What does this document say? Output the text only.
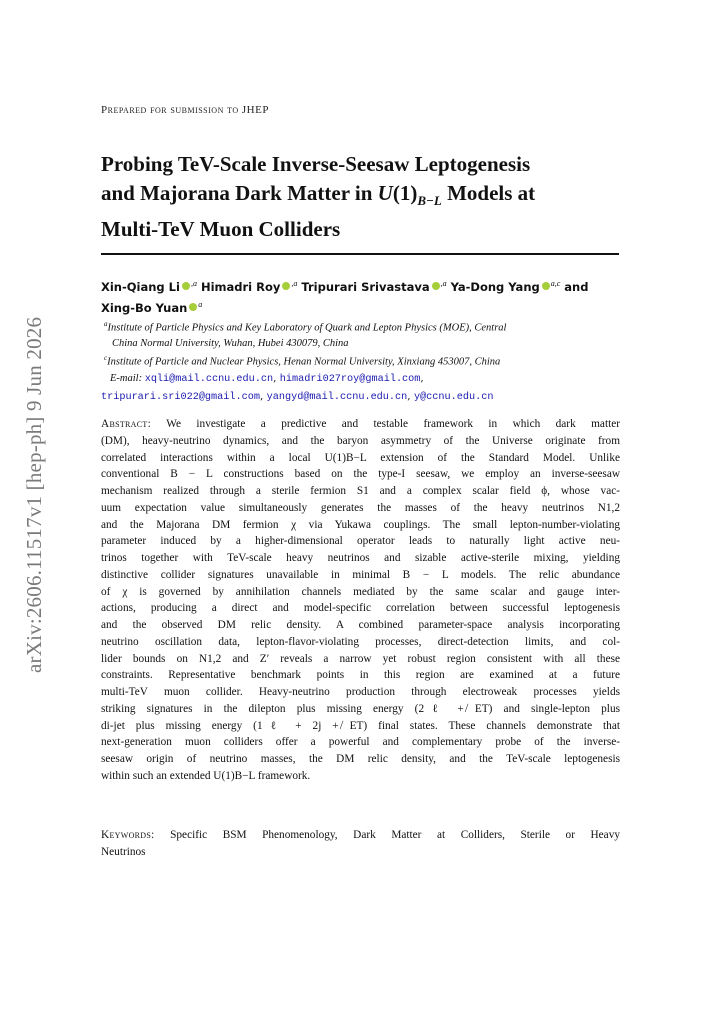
arXiv:2606.11517v1 [hep-ph] 9 Jun 2026
Prepared for submission to JHEP
Probing TeV-Scale Inverse-Seesaw Leptogenesis
and Majorana Dark Matter in $U(1)_{B-L}$ Models at
Multi-TeV Muon Colliders
Xin-Qiang Li $^{,a}$ Himadri Roy $^{,a}$ Tripurari Srivastava $^{,a}$ Ya-Dong Yang $^{a,c}$ and
Xing-Bo Yuan $^a$
$^a$Institute of Particle Physics and Key Laboratory of Quark and Lepton Physics (MOE), Central
China Normal University, Wuhan, Hubei 430079, China
$^c$Institute of Particle and Nuclear Physics, Henan Normal University, Xinxiang 453007, China
E-mail: xqli@mail.ccnu.edu.cn, himadri027roy@gmail.com,
tripurari.sri022@gmail.com, yangyd@mail.ccnu.edu.cn, y@ccnu.edu.cn
Abstract: We investigate a predictive and testable framework in which dark matter
(DM), heavy-neutrino dynamics, and the baryon asymmetry of the Universe originate from
correlated interactions within a local U(1)B−L extension of the Standard Model. Unlike
conventional B − L constructions based on the type-I seesaw, we employ an inverse-seesaw
mechanism realized through a sterile fermion S1 and a complex scalar field ϕ, whose vac-
uum expectation value simultaneously generates the masses of the heavy neutrinos N1,2
and the Majorana DM fermion χ via Yukawa couplings. The small lepton-number-violating
parameter induced by a higher-dimensional operator leads to naturally light active neu-
trinos together with TeV-scale heavy neutrinos and sizable active-sterile mixing, yielding
distinctive collider signatures unavailable in minimal B − L models. The relic abundance
of χ is governed by annihilation channels mediated by the same scalar and gauge inter-
actions, producing a direct and model-specific correlation between successful leptogenesis
and the observed DM relic density. A combined parameter-space analysis incorporating
neutrino oscillation data, lepton-flavor-violating processes, direct-detection limits, and col-
lider bounds on N1,2 and Z′ reveals a narrow yet robust region consistent with all these
constraints. Representative benchmark points in this region are examined at a future
multi-TeV muon collider. Heavy-neutrino production through electroweak processes yields
striking signatures in the dilepton plus missing energy (2ℓ + ̸ET) and single-lepton plus
di-jet plus missing energy (1ℓ + 2j + ̸ET) final states. These channels demonstrate that
next-generation muon colliders offer a powerful and complementary probe of the inverse-
seesaw origin of neutrino masses, the DM relic density, and the TeV-scale leptogenesis
within such an extended U(1)B−L framework.
Keywords: Specific BSM Phenomenology, Dark Matter at Colliders, Sterile or Heavy
Neutrinos
